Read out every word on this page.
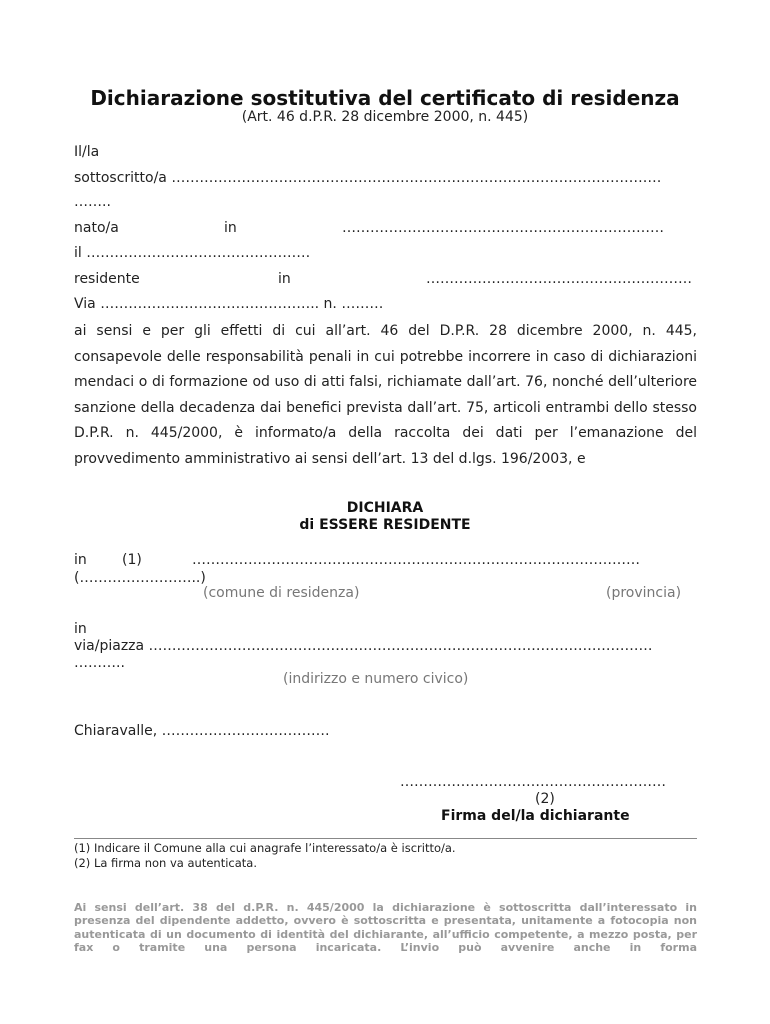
Dichiarazione sostitutiva del certificato di residenza
(Art. 46 d.P.R. 28 dicembre 2000, n. 445)
Il/la
sottoscritto/a ……………………………………………………………………………………………
……..
nato/a	in	……………………………………………………………
il …………………………………………
residente	in	…………………………………………………
Via ……………………………………….. n. ………
ai sensi e per gli effetti di cui all’art. 46 del D.P.R. 28 dicembre 2000, n. 445, consapevole delle responsabilità penali in cui potrebbe incorrere in caso di dichiarazioni mendaci o di formazione od uso di atti falsi, richiamate dall’art. 76, nonché dell’ulteriore sanzione della decadenza dai benefici prevista dall’art. 75, articoli entrambi dello stesso D.P.R. n. 445/2000, è informato/a della raccolta dei dati per l’emanazione del provvedimento amministrativo ai sensi dell’art. 13 del d.lgs. 196/2003, e
DICHIARA
di ESSERE RESIDENTE
in	(1)	……………………………………………………………………………………
(……………………..)
(comune di residenza)	(provincia)
in
via/piazza ………………………………………………………………………………………………
………..
(indirizzo e numero civico)
Chiaravalle, ………………………………
…………………………………………………
(2)
Firma del/la dichiarante
(1) Indicare il Comune alla cui anagrafe l’interessato/a è iscritto/a.
(2) La firma non va autenticata.
Ai sensi dell’art. 38 del d.P.R. n. 445/2000 la dichiarazione è sottoscritta dall’interessato in presenza del dipendente addetto, ovvero è sottoscritta e presentata, unitamente a fotocopia non autenticata di un documento di identità del dichiarante, all’ufficio competente, a mezzo posta, per fax o tramite una persona incaricata. L’invio può avvenire anche in forma
